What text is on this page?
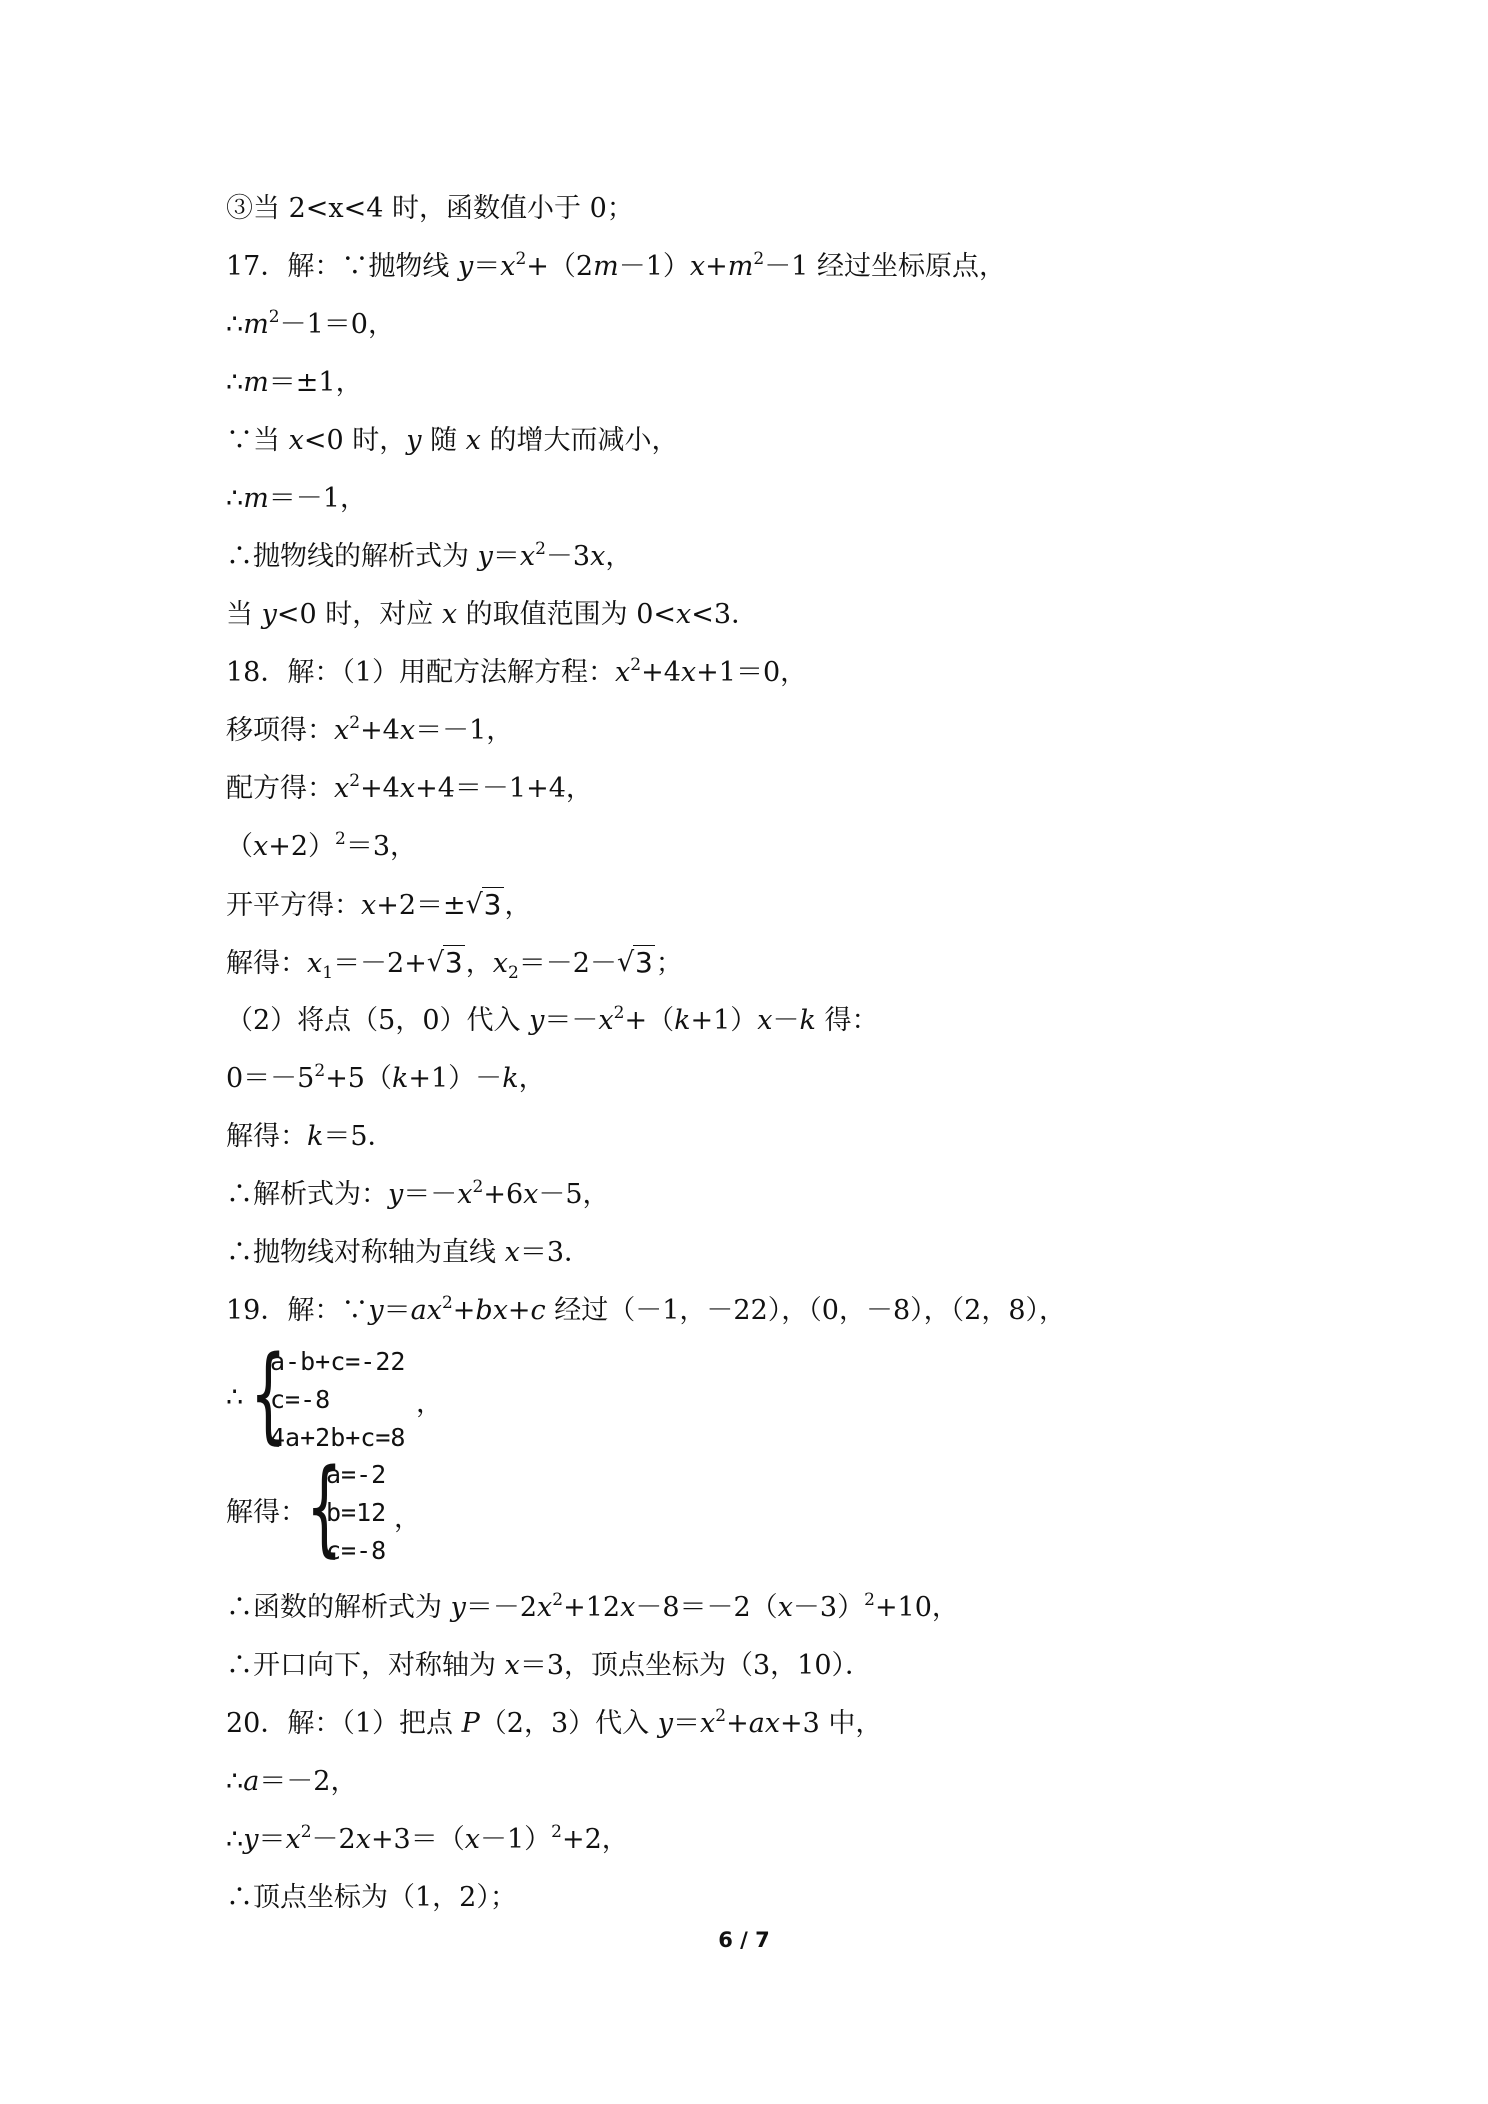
③当 2<x<4 时，函数值小于 0；
17．解：∵抛物线 $y=x^2+(2m-1)x+m^2-1$ 经过坐标原点，
$\therefore m^2-1=0$，
∴m＝±1，
∵当 x<0 时，y 随 x 的增大而减小，
∴m＝－1，
∴抛物线的解析式为 $y=x^2-3x$，
当 y<0 时，对应 x 的取值范围为 0<x<3．
18．解：（1）用配方法解方程：$x^2+4x+1=0$，
移项得：$x^2+4x=-1$，
配方得：$x^2+4x+4=-1+4$，
$(x+2)^2=3$，
开平方得：x+2＝± √ 3 ，
解得：$x_1=-2+$ √ 3 ，$x_2=-2-$ √ 3 ；
（2）将点（5，0）代入 $y=-x^2+(k+1)x-k$ 得：
$0=-5^2+5(k+1)-k$，
解得：k＝5．
∴解析式为：$y=-x^2+6x-5$，
∴抛物线对称轴为直线 x＝3．
19．解：$\because y=ax^2+bx+c$ 经过（－1，－22），（0，－8），（2，8），
∴ {
a-b+c=-22
c=-8
4a+2b+c=8
，
解得： {
a=-2
b=12
c=-8
，
∴函数的解析式为 $y=-2x^2+12x-8=-2(x-3)^2+10$，
∴开口向下，对称轴为 x＝3，顶点坐标为（3，10）．
20．解：（1）把点 P（2，3）代入 $y=x^2+ax+3$ 中，
∴a＝－2，
$\therefore y=x^2-2x+3=(x-1)^2+2$，
∴顶点坐标为（1，2）；
6 / 7
